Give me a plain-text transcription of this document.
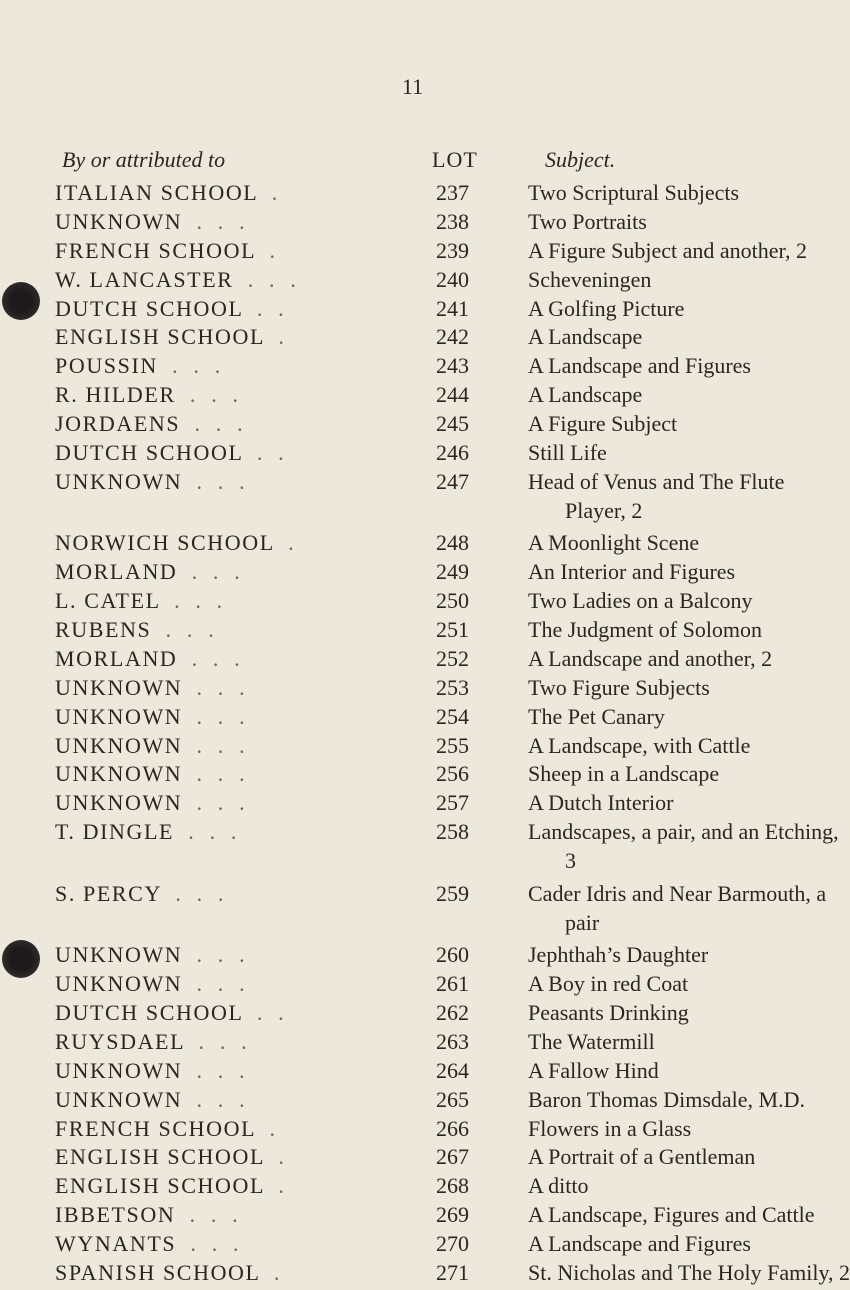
11
By or attributed to	LOT	Subject.
ITALIAN SCHOOL  .	237	Two Scriptural Subjects
UNKNOWN  .  .  .	238	Two Portraits
FRENCH SCHOOL  .	239	A Figure Subject and another, 2
W. LANCASTER  .  .  .	240	Scheveningen
DUTCH SCHOOL  .  .	241	A Golfing Picture
ENGLISH SCHOOL  .	242	A Landscape
POUSSIN  .  .  .	243	A Landscape and Figures
R. HILDER  .  .  .	244	A Landscape
JORDAENS  .  .  .	245	A Figure Subject
DUTCH SCHOOL  .  .	246	Still Life
UNKNOWN  .  .  .	247	Head of Venus and The Flute
Player, 2
NORWICH SCHOOL  .	248	A Moonlight Scene
MORLAND  .  .  .	249	An Interior and Figures
L. CATEL  .  .  .	250	Two Ladies on a Balcony
RUBENS  .  .  .	251	The Judgment of Solomon
MORLAND  .  .  .	252	A Landscape and another, 2
UNKNOWN  .  .  .	253	Two Figure Subjects
UNKNOWN  .  .  .	254	The Pet Canary
UNKNOWN  .  .  .	255	A Landscape, with Cattle
UNKNOWN  .  .  .	256	Sheep in a Landscape
UNKNOWN  .  .  .	257	A Dutch Interior
T. DINGLE  .  .  .	258	Landscapes, a pair, and an Etching,
3
S. PERCY  .  .  .	259	Cader Idris and Near Barmouth, a
pair
UNKNOWN  .  .  .	260	Jephthah’s Daughter
UNKNOWN  .  .  .	261	A Boy in red Coat
DUTCH SCHOOL  .  .	262	Peasants Drinking
RUYSDAEL  .  .  .	263	The Watermill
UNKNOWN  .  .  .	264	A Fallow Hind
UNKNOWN  .  .  .	265	Baron Thomas Dimsdale, M.D.
FRENCH SCHOOL  .	266	Flowers in a Glass
ENGLISH SCHOOL  .	267	A Portrait of a Gentleman
ENGLISH SCHOOL  .	268	A ditto
IBBETSON  .  .  .	269	A Landscape, Figures and Cattle
WYNANTS  .  .  .	270	A Landscape and Figures
SPANISH SCHOOL  .	271	St. Nicholas and The Holy Family, 2
